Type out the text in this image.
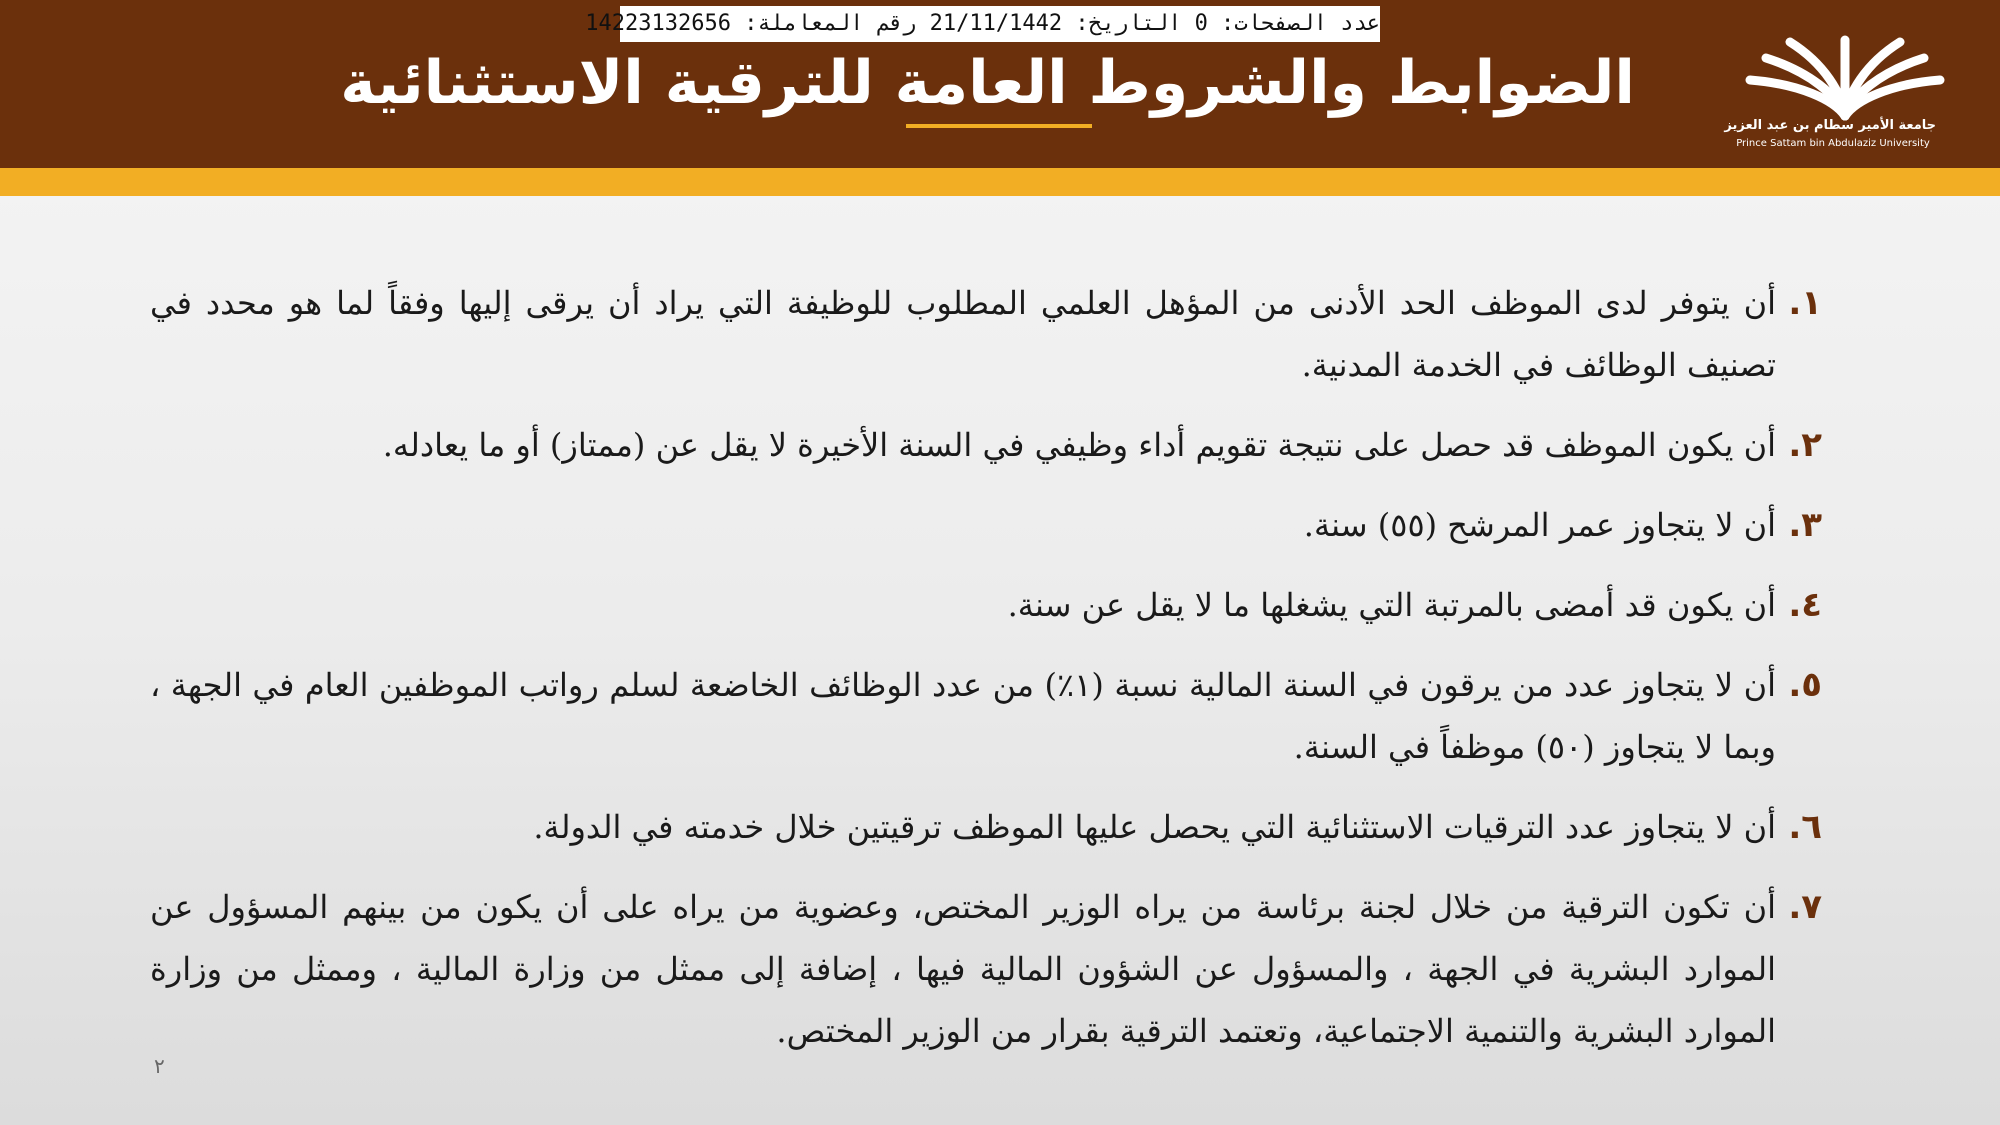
عدد الصفحات: 0 التاريخ: 21/11/1442 رقم المعاملة: 14223132656
الضوابط والشروط العامة للترقية الاستثنائية
جامعة الأمير سطام بن عبد العزيز
Prince Sattam bin Abdulaziz University
١.
أن يتوفر لدى الموظف الحد الأدنى من المؤهل العلمي المطلوب للوظيفة التي يراد أن يرقى إليها وفقاً لما هو محدد في تصنيف الوظائف في الخدمة المدنية.
٢.
أن يكون الموظف قد حصل على نتيجة تقويم أداء وظيفي في السنة الأخيرة لا يقل عن (ممتاز) أو ما يعادله.
٣.
أن لا يتجاوز عمر المرشح (٥٥) سنة.
٤.
أن يكون قد أمضى بالمرتبة التي يشغلها ما لا يقل عن سنة.
٥.
أن لا يتجاوز عدد من يرقون في السنة المالية نسبة (١٪) من عدد الوظائف الخاضعة لسلم رواتب الموظفين العام في الجهة ، وبما لا يتجاوز (٥٠) موظفاً في السنة.
٦.
أن لا يتجاوز عدد الترقيات الاستثنائية التي يحصل عليها الموظف ترقيتين خلال خدمته في الدولة.
٧.
أن تكون الترقية من خلال لجنة برئاسة من يراه الوزير المختص، وعضوية من يراه على أن يكون من بينهم المسؤول عن الموارد البشرية في الجهة ، والمسؤول عن الشؤون المالية فيها ، إضافة إلى ممثل من وزارة المالية ، وممثل من وزارة الموارد البشرية والتنمية الاجتماعية، وتعتمد الترقية بقرار من الوزير المختص.
٢
